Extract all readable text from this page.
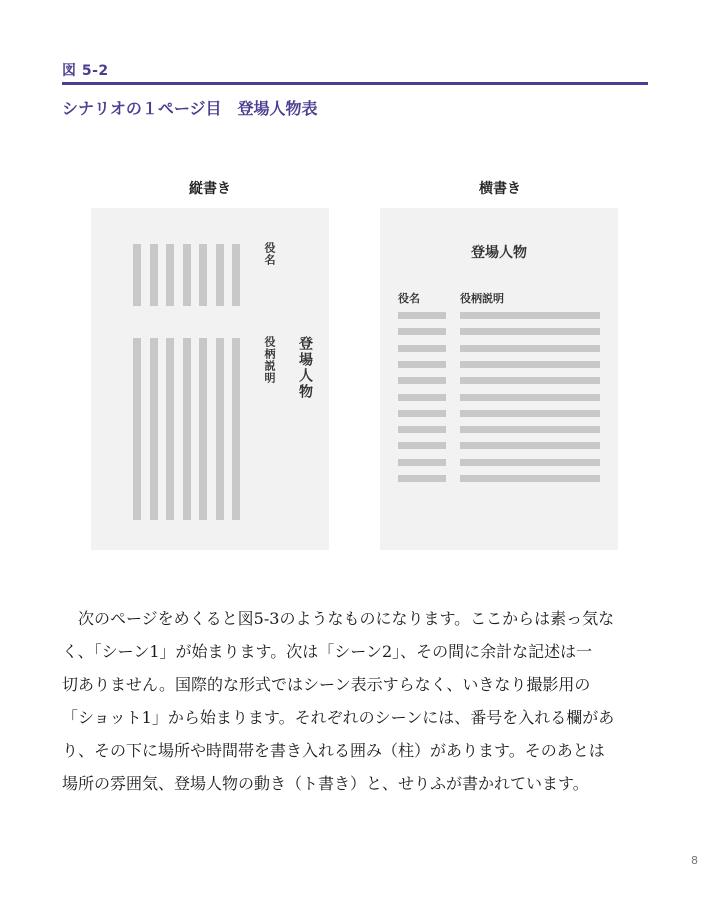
図 5-2
シナリオの１ページ目　登場人物表
縦書き
役名
役柄説明 登場人物
横書き
登場人物
役名	役柄説明
　次のページをめくると図5-3のようなものになります。ここからは素っ気な
く、「シーン1」が始まります。次は「シーン2」、その間に余計な記述は一
切ありません。国際的な形式ではシーン表示すらなく、いきなり撮影用の
「ショット1」から始まります。それぞれのシーンには、番号を入れる欄があ
り、その下に場所や時間帯を書き入れる囲み（柱）があります。そのあとは
場所の雰囲気、登場人物の動き（ト書き）と、せりふが書かれています。
8
